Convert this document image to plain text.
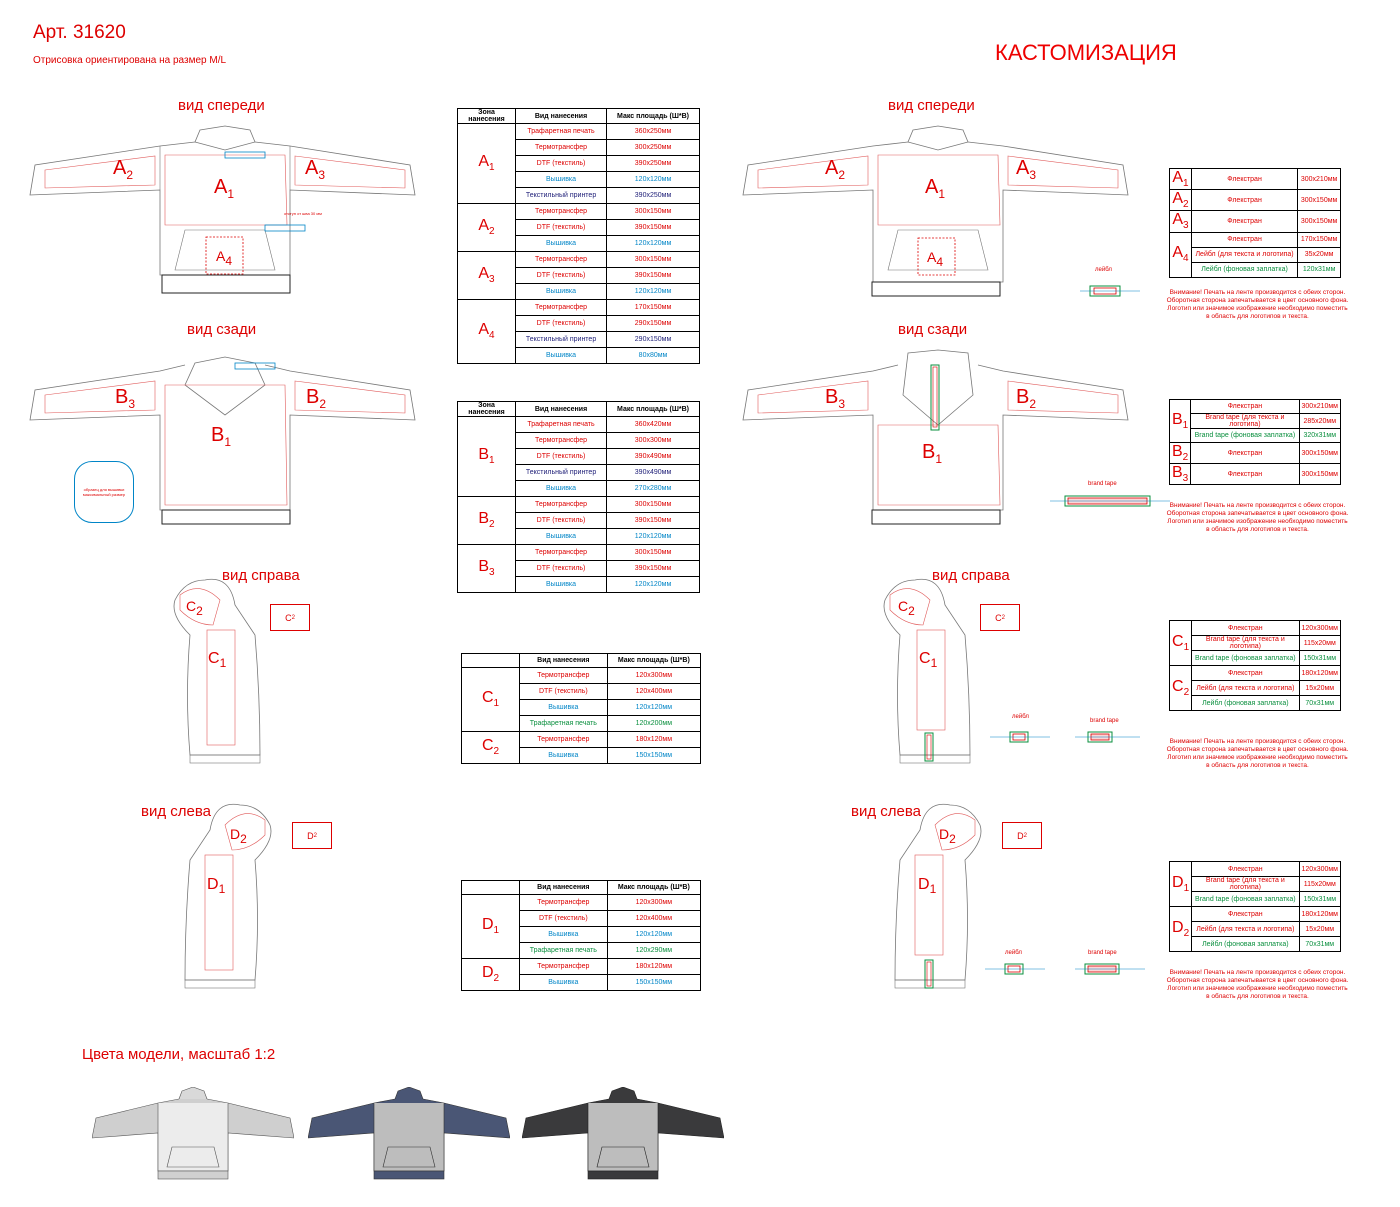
Арт. 31620
Отрисовка ориентирована на размер M/L	КАСТОМИЗАЦИЯ
вид спереди
вид сзади
вид справа
вид слева
вид спереди
вид сзади
вид справа
вид слева
отступ от шва 30 мм
$A_2$	$A_3$
$A_1$
$A_4$
$B_3$	$B_2$
$B_1$
образец для вышивки максимальный размер
$C_2$
$C_1$
C 2
$D_2$
$D_1$
D 2
$A_2$	$A_3$
$A_1$
$A_4$
лейбл
$B_3$	$B_2$
$B_1$
brand tape
$C_2$
$C_1$
C 2
лейбл
brand tape
$D_2$
$D_1$
D 2
лейбл	brand tape
Зона нанесения	Вид нанесения	Макс площадь (Ш*В)
$A_1$	Трафаретная печать	360x250мм
	Термотрансфер	300x250мм
	DTF (текстиль)	390x250мм
	Вышивка	120x120мм
	Текстильный принтер	390x250мм
$A_2$	Термотрансфер	300x150мм
	DTF (текстиль)	390x150мм
	Вышивка	120x120мм
$A_3$	Термотрансфер	300x150мм
	DTF (текстиль)	390x150мм
	Вышивка	120x120мм
$A_4$	Термотрансфер	170x150мм
	DTF (текстиль)	290x150мм
	Текстильный принтер	290x150мм
	Вышивка	80x80мм
Зона нанесения	Вид нанесения	Макс площадь (Ш*В)
$B_1$	Трафаретная печать	360x420мм
	Термотрансфер	300x300мм
	DTF (текстиль)	390x490мм
	Текстильный принтер	390x490мм
	Вышивка	270x280мм
$B_2$	Термотрансфер	300x150мм
	DTF (текстиль)	390x150мм
	Вышивка	120x120мм
$B_3$	Термотрансфер	300x150мм
	DTF (текстиль)	390x150мм
	Вышивка	120x120мм
	Вид нанесения	Макс площадь (Ш*В)
$C_1$	Термотрансфер	120x300мм
	DTF (текстиль)	120x400мм
	Вышивка	120x120мм
	Трафаретная печать	120x200мм
$C_2$	Термотрансфер	180x120мм
	Вышивка	150x150мм
	Вид нанесения	Макс площадь (Ш*В)
$D_1$	Термотрансфер	120x300мм
	DTF (текстиль)	120x400мм
	Вышивка	120x120мм
	Трафаретная печать	120x290мм
$D_2$	Термотрансфер	180x120мм
	Вышивка	150x150мм
$A_1$	Флекстран	300x210мм
$A_2$	Флекстран	300x150мм
$A_3$	Флекстран	300x150мм
$A_4$	Флекстран	170x150мм
	Лейбл (для текста и логотипа)	35x20мм
	Лейбл (фоновая заплатка)	120x31мм
$B_1$	Флекстран	300x210мм
	Brand tape (для текста и логотипа)	285x20мм
	Brand tape (фоновая заплатка)	320x31мм
$B_2$	Флекстран	300x150мм
$B_3$	Флекстран	300x150мм
$C_1$	Флекстран	120x300мм
	Brand tape (для текста и логотипа)	115x20мм
	Brand tape (фоновая заплатка)	150x31мм
$C_2$	Флекстран	180x120мм
	Лейбл (для текста и логотипа)	15x20мм
	Лейбл (фоновая заплатка)	70x31мм
$D_1$	Флекстран	120x300мм
	Brand tape (для текста и логотипа)	115x20мм
	Brand tape (фоновая заплатка)	150x31мм
$D_2$	Флекстран	180x120мм
	Лейбл (для текста и логотипа)	15x20мм
	Лейбл (фоновая заплатка)	70x31мм
Внимание! Печать на ленте производится с обеих сторон. Оборотная сторона запечатывается в цвет основного фона. Логотип или значимое изображение необходимо поместить в область для логотипов и текста.
Внимание! Печать на ленте производится с обеих сторон. Оборотная сторона запечатывается в цвет основного фона. Логотип или значимое изображение необходимо поместить в область для логотипов и текста.
Внимание! Печать на ленте производится с обеих сторон. Оборотная сторона запечатывается в цвет основного фона. Логотип или значимое изображение необходимо поместить в область для логотипов и текста.
Внимание! Печать на ленте производится с обеих сторон. Оборотная сторона запечатывается в цвет основного фона. Логотип или значимое изображение необходимо поместить в область для логотипов и текста.
Цвета модели, масштаб 1:2
